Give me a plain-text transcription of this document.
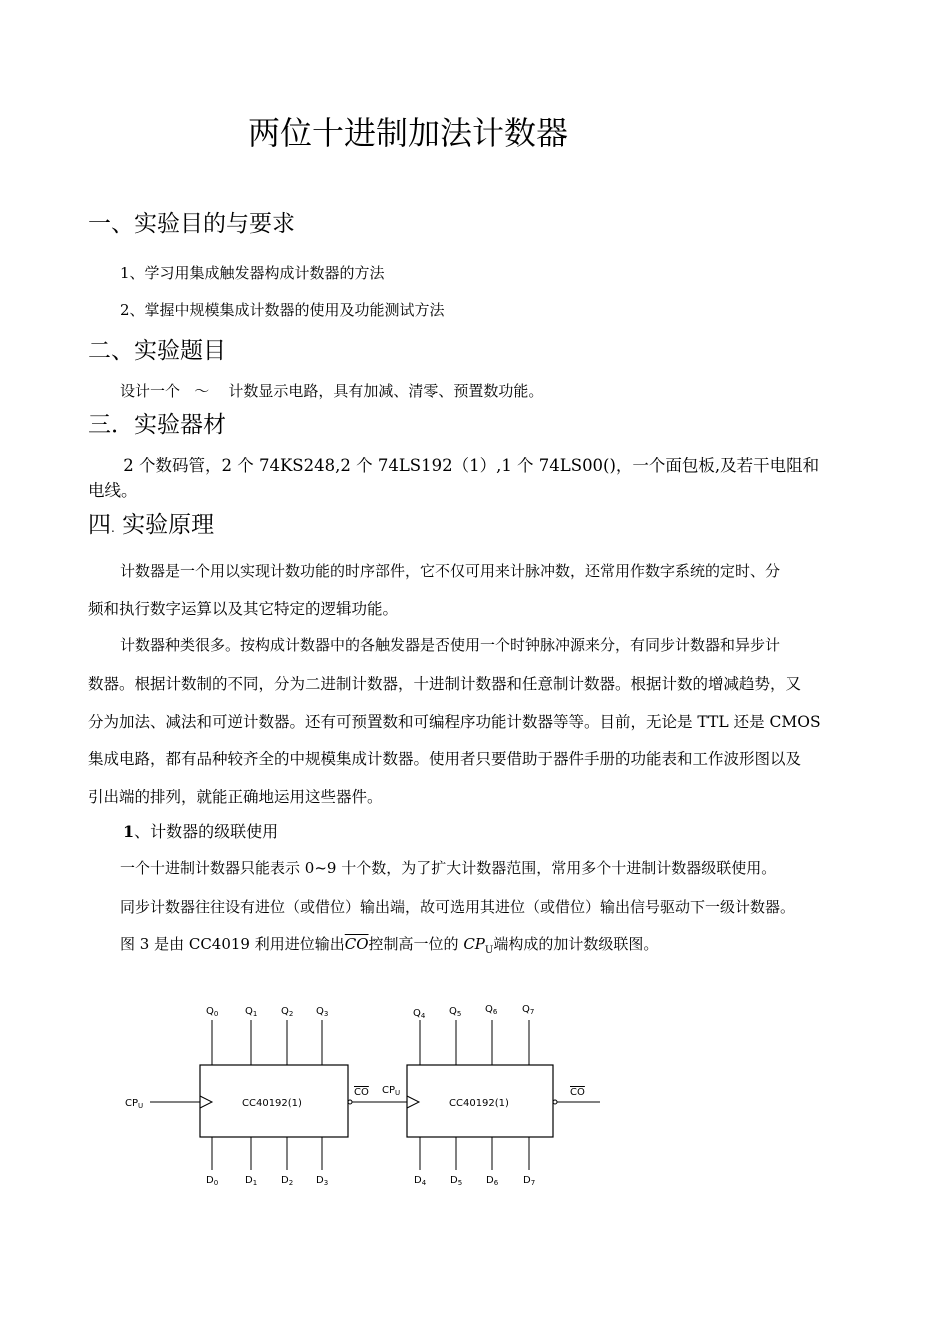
两位十进制加法计数器
一、实验目的与要求
1、学习用集成触发器构成计数器的方法
2、掌握中规模集成计数器的使用及功能测试方法
二、实验题目
设计一个   ～    计数显示电路，具有加减、清零、预置数功能。
三．实验器材
2 个数码管，2 个 74KS248,2 个 74LS192（1）,1 个 74LS00()，一个面包板,及若干电阻和
电线。
四. 实验原理
计数器是一个用以实现计数功能的时序部件，它不仅可用来计脉冲数，还常用作数字系统的定时、分
频和执行数字运算以及其它特定的逻辑功能。
计数器种类很多。按构成计数器中的各触发器是否使用一个时钟脉冲源来分，有同步计数器和异步计
数器。根据计数制的不同，分为二进制计数器，十进制计数器和任意制计数器。根据计数的增减趋势，又
分为加法、减法和可逆计数器。还有可预置数和可编程序功能计数器等等。目前，无论是 TTL 还是 CMOS
集成电路，都有品种较齐全的中规模集成计数器。使用者只要借助于器件手册的功能表和工作波形图以及
引出端的排列，就能正确地运用这些器件。
1、计数器的级联使用
一个十进制计数器只能表示 0~9 十个数，为了扩大计数器范围，常用多个十进制计数器级联使用。
同步计数器往往设有进位（或借位）输出端，故可选用其进位（或借位）输出信号驱动下一级计数器。
图 3 是由 CC4019 利用进位输出$\overline{CO}$控制高一位的 $CP_U$端构成的加计数级联图。
CC40192(1)
$CP_U$
$Q_0$	$Q_1$ $Q_2$ $Q_3$
$D_0$	$D_1$ $D_2$ $D_3$
CO $CP_U$
CC40192(1)
$Q_4$ $Q_5$ $Q_6$ $Q_7$
$D_4$ $D_5$ $D_6$ $D_7$
CO
